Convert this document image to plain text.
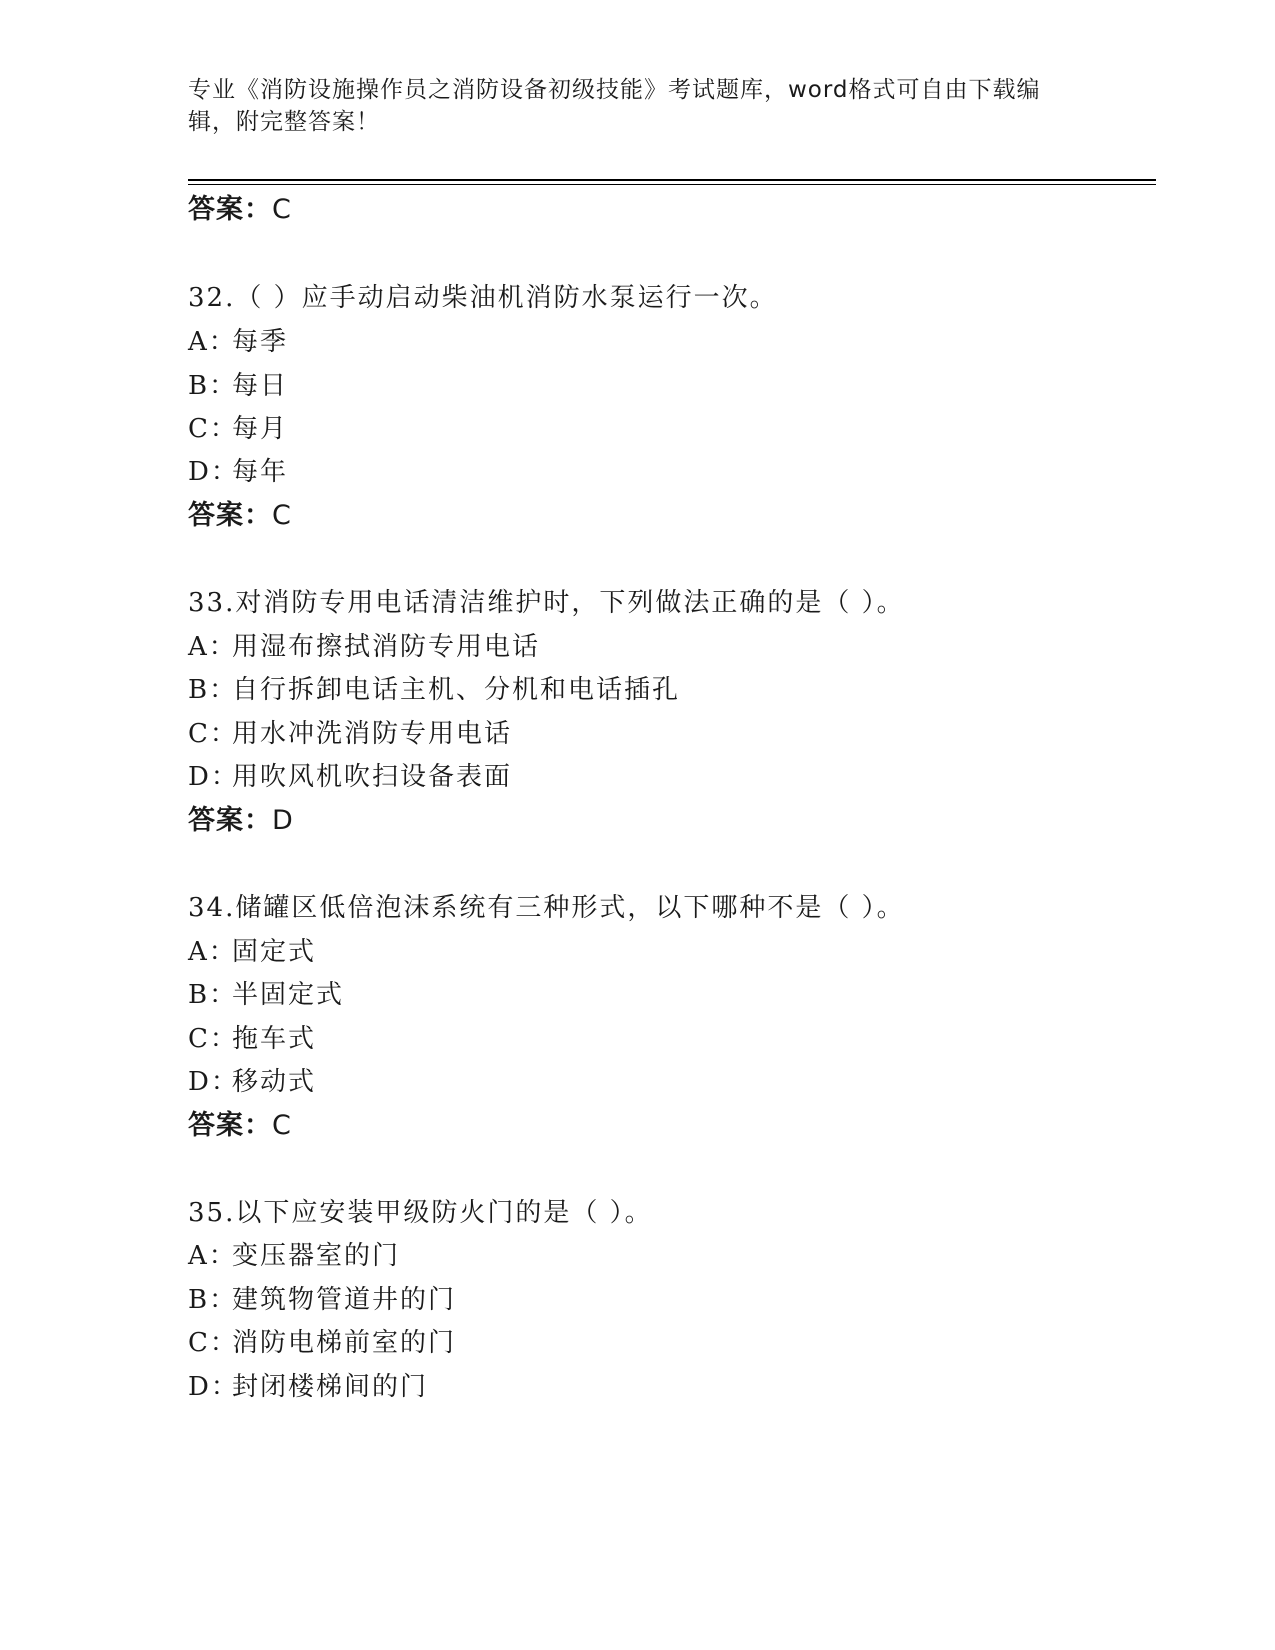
专业《消防设施操作员之消防设备初级技能》考试题库，word格式可自由下载编辑，附完整答案！
答案：C
32.（ ）应手动启动柴油机消防水泵运行一次。
A：每季
B：每日
C：每月
D：每年
答案：C
33.对消防专用电话清洁维护时，下列做法正确的是（ ）。
A：用湿布擦拭消防专用电话
B：自行拆卸电话主机、分机和电话插孔
C：用水冲洗消防专用电话
D：用吹风机吹扫设备表面
答案：D
34.储罐区低倍泡沫系统有三种形式，以下哪种不是（ ）。
A：固定式
B：半固定式
C：拖车式
D：移动式
答案：C
35.以下应安装甲级防火门的是（ ）。
A：变压器室的门
B：建筑物管道井的门
C：消防电梯前室的门
D：封闭楼梯间的门
